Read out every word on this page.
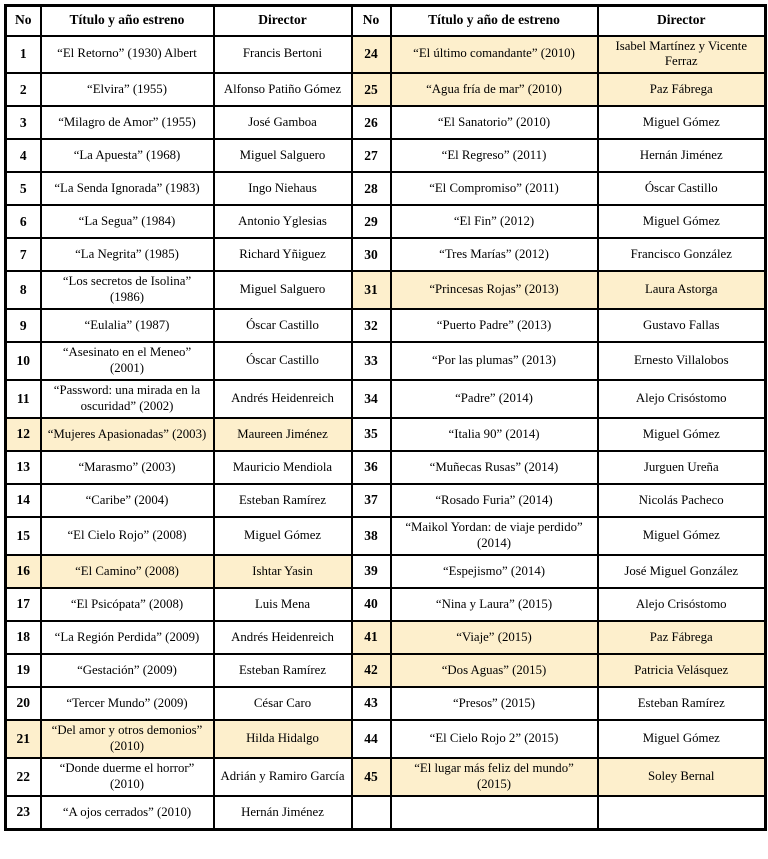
No	Título y año estreno	Director	No	Título y año de estreno	Director
1	“El Retorno” (1930) Albert	Francis Bertoni	24	“El último comandante” (2010)	Isabel Martínez y Vicente Ferraz
2	“Elvira” (1955)	Alfonso Patiño Gómez	25	“Agua fría de mar” (2010)	Paz Fábrega
3	“Milagro de Amor” (1955)	José Gamboa	26	“El Sanatorio” (2010)	Miguel Gómez
4	“La Apuesta” (1968)	Miguel Salguero	27	“El Regreso” (2011)	Hernán Jiménez
5	“La Senda Ignorada” (1983)	Ingo Niehaus	28	“El Compromiso” (2011)	Óscar Castillo
6	“La Segua” (1984)	Antonio Yglesias	29	“El Fin” (2012)	Miguel Gómez
7	“La Negrita” (1985)	Richard Yñiguez	30	“Tres Marías” (2012)	Francisco González
8	“Los secretos de Isolina” (1986)	Miguel Salguero	31	“Princesas Rojas” (2013)	Laura Astorga
9	“Eulalia” (1987)	Óscar Castillo	32	“Puerto Padre” (2013)	Gustavo Fallas
10	“Asesinato en el Meneo” (2001)	Óscar Castillo	33	“Por las plumas” (2013)	Ernesto Villalobos
11	“Password: una mirada en la oscuridad” (2002)	Andrés Heidenreich	34	“Padre” (2014)	Alejo Crisóstomo
12	“Mujeres Apasionadas” (2003)	Maureen Jiménez	35	“Italia 90” (2014)	Miguel Gómez
13	“Marasmo” (2003)	Mauricio Mendiola	36	“Muñecas Rusas” (2014)	Jurguen Ureña
14	“Caribe” (2004)	Esteban Ramírez	37	“Rosado Furia” (2014)	Nicolás Pacheco
15	“El Cielo Rojo” (2008)	Miguel Gómez	38	“Maikol Yordan: de viaje perdido” (2014)	Miguel Gómez
16	“El Camino” (2008)	Ishtar Yasin	39	“Espejismo” (2014)	José Miguel González
17	“El Psicópata” (2008)	Luis Mena	40	“Nina y Laura” (2015)	Alejo Crisóstomo
18	“La Región Perdida” (2009)	Andrés Heidenreich	41	“Viaje” (2015)	Paz Fábrega
19	“Gestación” (2009)	Esteban Ramírez	42	“Dos Aguas” (2015)	Patricia Velásquez
20	“Tercer Mundo” (2009)	César Caro	43	“Presos” (2015)	Esteban Ramírez
21	“Del amor y otros demonios” (2010)	Hilda Hidalgo	44	“El Cielo Rojo 2” (2015)	Miguel Gómez
22	“Donde duerme el horror” (2010)	Adrián y Ramiro García	45	“El lugar más feliz del mundo” (2015)	Soley Bernal
23	“A ojos cerrados” (2010)	Hernán Jiménez			
